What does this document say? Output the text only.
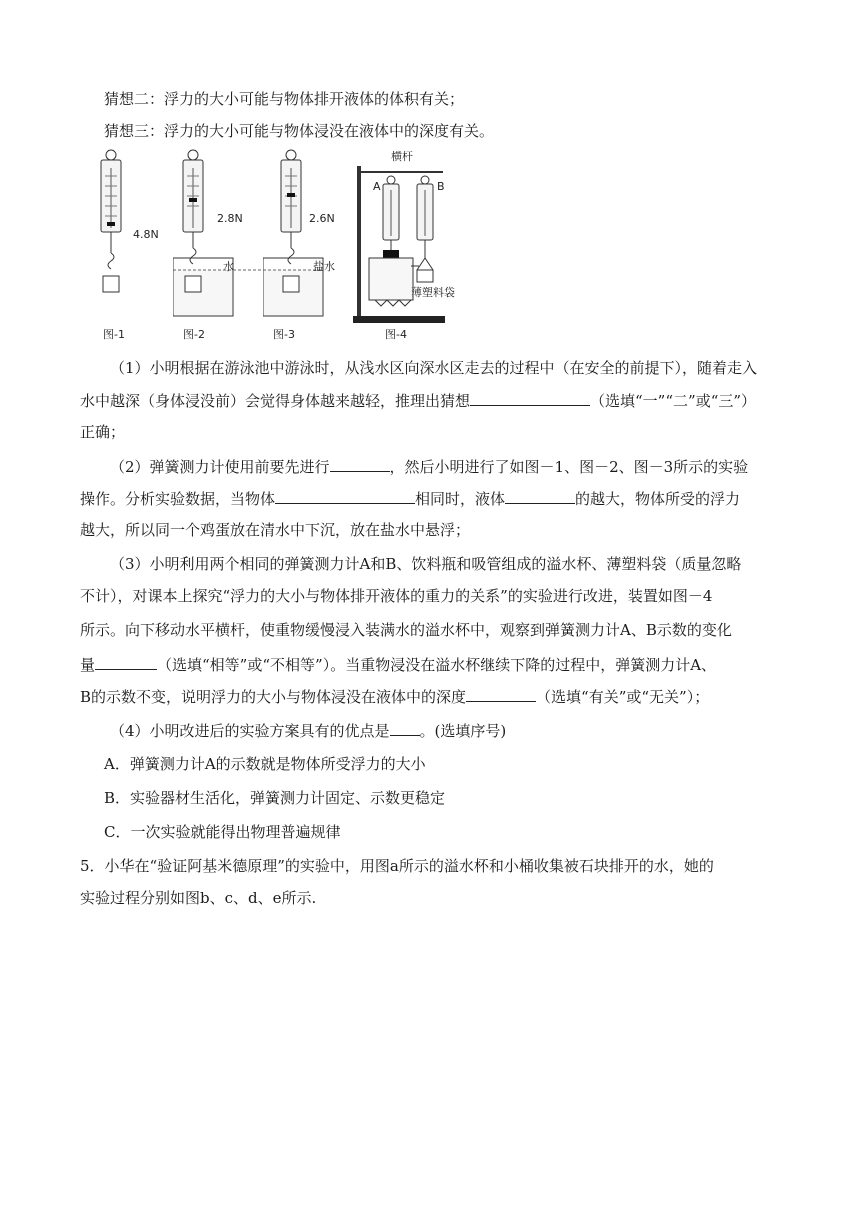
猜想二：浮力的大小可能与物体排开液体的体积有关；
猜想三：浮力的大小可能与物体浸没在液体中的深度有关。
4.8N
图-1
2.8N
水
图-2
2.6N
盐水
图-3
横杆
A	B
薄塑料袋
图-4
（1）小明根据在游泳池中游泳时，从浅水区向深水区走去的过程中（在安全的前提下），随着走入
水中越深（身体浸没前）会觉得身体越来越轻，推理出猜想	（选填“一”“二”或“三”）
正确；
（2）弹簧测力计使用前要先进行	，然后小明进行了如图－1、图－2、图－3所示的实验
操作。分析实验数据，当物体	相同时，液体	的越大，物体所受的浮力
越大，所以同一个鸡蛋放在清水中下沉，放在盐水中悬浮；
（3）小明利用两个相同的弹簧测力计A和B、饮料瓶和吸管组成的溢水杯、薄塑料袋（质量忽略
不计），对课本上探究“浮力的大小与物体排开液体的重力的关系”的实验进行改进，装置如图－4
所示。向下移动水平横杆，使重物缓慢浸入装满水的溢水杯中，观察到弹簧测力计A、B示数的变化
量	（选填“相等”或“不相等”）。当重物浸没在溢水杯继续下降的过程中，弹簧测力计A、
B的示数不变，说明浮力的大小与物体浸没在液体中的深度	（选填“有关”或“无关”）；
（4）小明改进后的实验方案具有的优点是 。(选填序号)
A．弹簧测力计A的示数就是物体所受浮力的大小
B．实验器材生活化，弹簧测力计固定、示数更稳定
C．一次实验就能得出物理普遍规律
5．小华在“验证阿基米德原理”的实验中，用图a所示的溢水杯和小桶收集被石块排开的水，她的
实验过程分别如图b、c、d、e所示.
